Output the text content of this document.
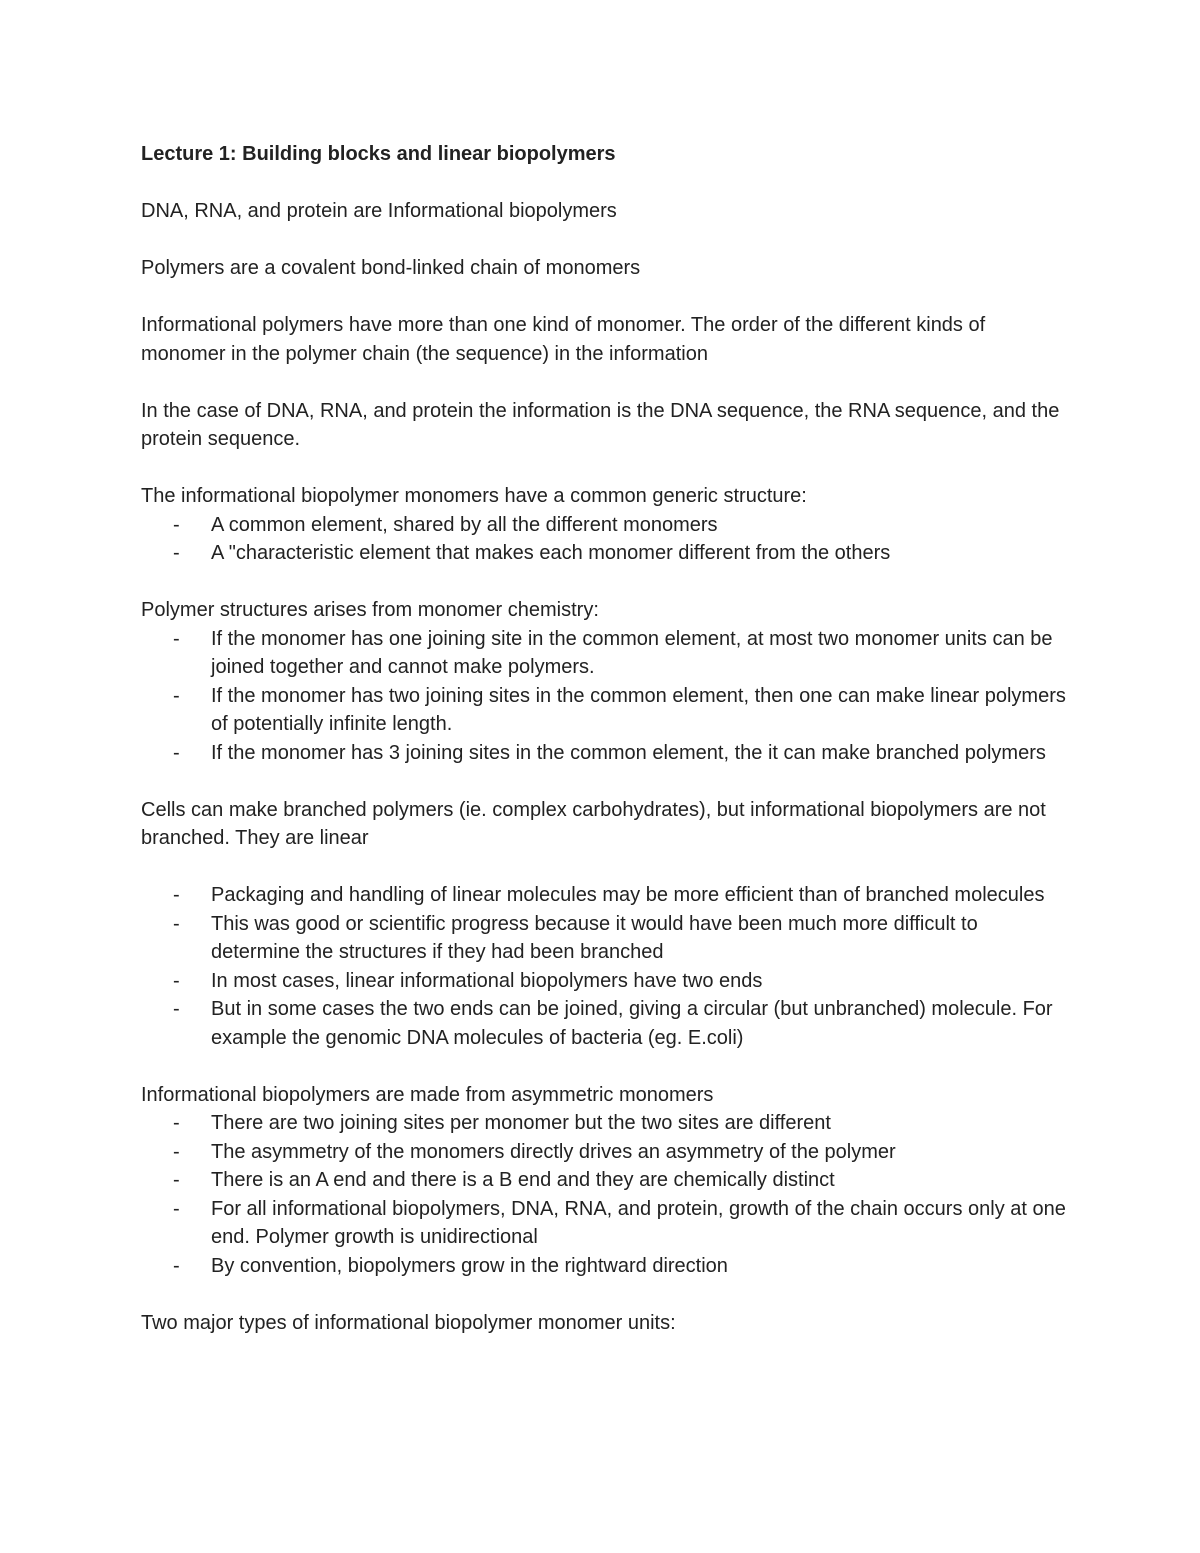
Lecture 1: Building blocks and linear biopolymers
DNA, RNA, and protein are Informational biopolymers
Polymers are a covalent bond-linked chain of monomers
Informational polymers have more than one kind of monomer. The order of the different kinds of monomer in the polymer chain (the sequence) in the information
In the case of DNA, RNA, and protein the information is the DNA sequence, the RNA sequence, and the protein sequence.
The informational biopolymer monomers have a common generic structure:
- A common element, shared by all the different monomers
- A "characteristic element that makes each monomer different from the others
Polymer structures arises from monomer chemistry:
- If the monomer has one joining site in the common element, at most two monomer units can be joined together and cannot make polymers.
- If the monomer has two joining sites in the common element, then one can make linear polymers of potentially infinite length.
- If the monomer has 3 joining sites in the common element, the it can make branched polymers
Cells can make branched polymers (ie. complex carbohydrates), but informational biopolymers are not branched. They are linear
- Packaging and handling of linear molecules may be more efficient than of branched molecules
- This was good or scientific progress because it would have been much more difficult to determine the structures if they had been branched
- In most cases, linear informational biopolymers have two ends
- But in some cases the two ends can be joined, giving a circular (but unbranched) molecule. For example the genomic DNA molecules of bacteria (eg. E.coli)
Informational biopolymers are made from asymmetric monomers
- There are two joining sites per monomer but the two sites are different
- The asymmetry of the monomers directly drives an asymmetry of the polymer
- There is an A end and there is a B end and they are chemically distinct
- For all informational biopolymers, DNA, RNA, and protein, growth of the chain occurs only at one end. Polymer growth is unidirectional
- By convention, biopolymers grow in the rightward direction
Two major types of informational biopolymer monomer units:
